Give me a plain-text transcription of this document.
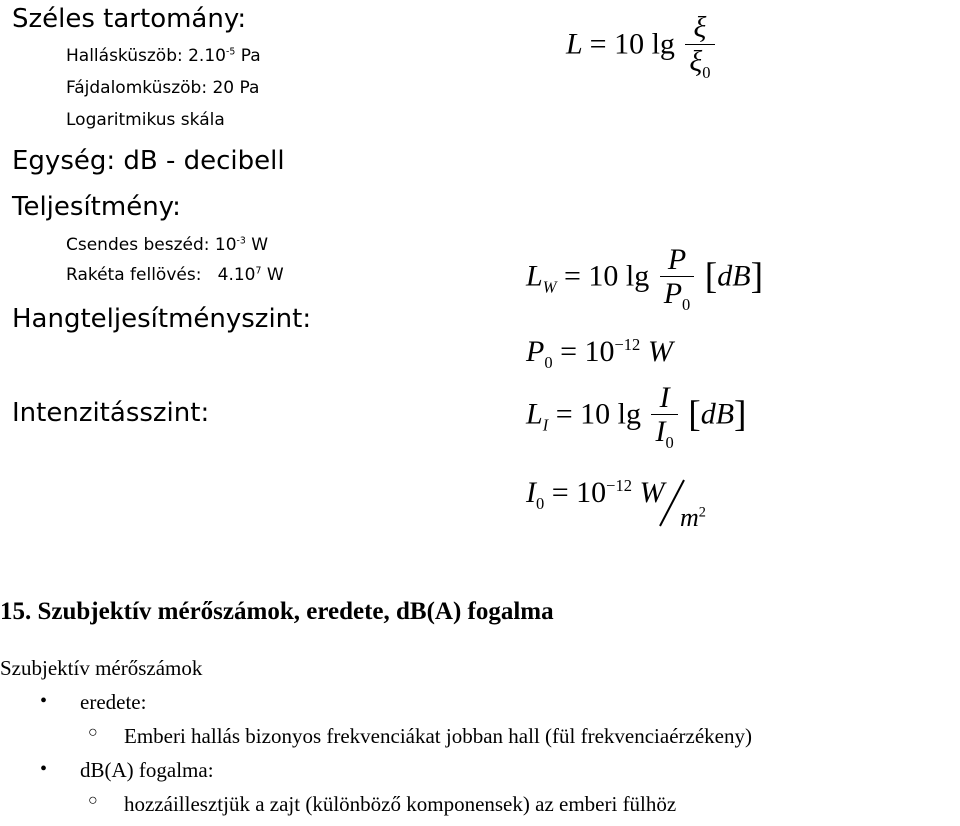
Széles tartomány:
Hallásküszöb: $2.10^{-5}$ Pa
Fájdalomküszöb: 20 Pa
Logaritmikus skála
Egység: dB - decibell
Teljesítmény:
Csendes beszéd: $10^{-3}$ W
Rakéta fellövés:   4.10$^7$ W
Hangteljesítményszint:
Intenzitásszint:
L = 10 $\lg \frac{\xi}{\xi_0}$
$L_W = 10$ $\lg \frac{P}{P_0} [dB]$
$P_0 = 10^{-12}$ W
$L_I = 10$ $\lg \frac{I}{I_0} [dB]$
$I_0 = 10^{-12}$ W
$m^2$
15. Szubjektív mérőszámok, eredete, dB(A) fogalma
Szubjektív mérőszámok
• eredete:
○ Emberi hallás bizonyos frekvenciákat jobban hall (fül frekvenciaérzékeny)
• dB(A) fogalma:
○ hozzáillesztjük a zajt (különböző komponensek) az emberi fülhöz
